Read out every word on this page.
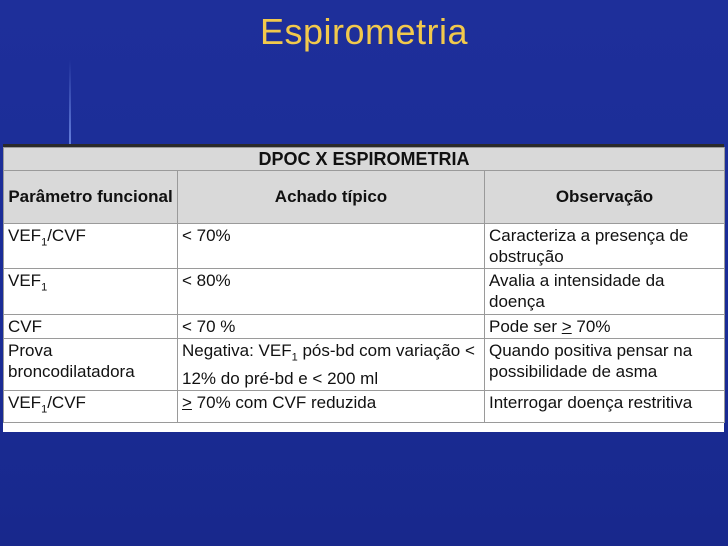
Espirometria
DPOC X ESPIROMETRIA		
Parâmetro funcional	Achado típico	Observação
$VEF_1$/CVF	< 70%	Caracteriza a presença de obstrução
$VEF_1$	< 80%	Avalia a intensidade da doença
CVF	< 70 %	Pode ser > 70%
Prova broncodilatadora	Negativa: $VEF_1$ pós-bd com variação < 12% do pré-bd e < 200 ml	Quando positiva pensar na possibilidade de asma
$VEF_1$/CVF	> 70% com CVF reduzida	Interrogar doença restritiva
